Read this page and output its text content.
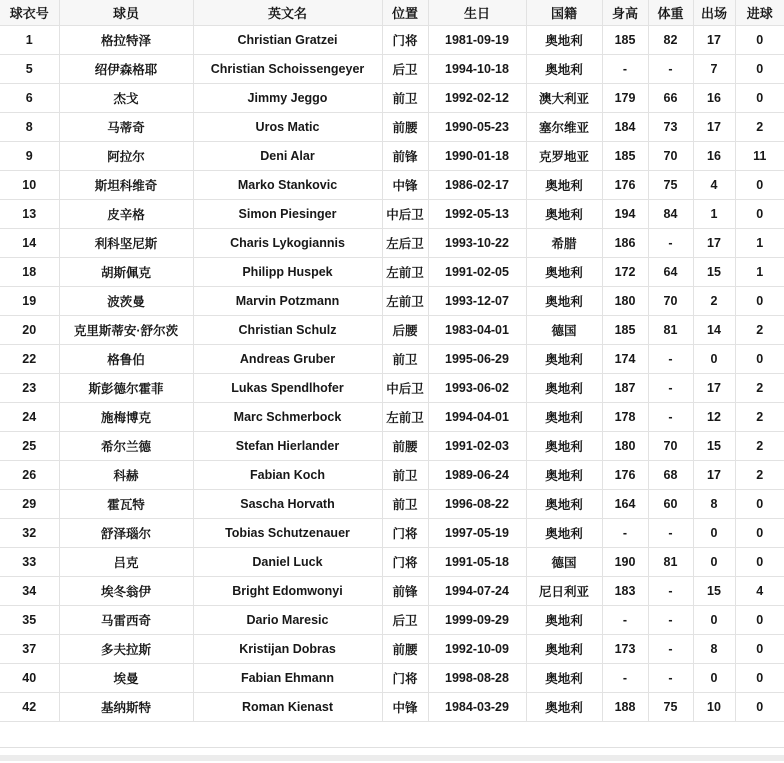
球衣号	球员	英文名	位置	生日	国籍	身高	体重	出场	进球
1	格拉特泽	Christian Gratzei	门将	1981-09-19	奥地利	185	82	17	0
5	绍伊森格耶	Christian Schoissengeyer	后卫	1994-10-18	奥地利	-	-	7	0
6	杰戈	Jimmy Jeggo	前卫	1992-02-12	澳大利亚	179	66	16	0
8	马蒂奇	Uros Matic	前腰	1990-05-23	塞尔维亚	184	73	17	2
9	阿拉尔	Deni Alar	前锋	1990-01-18	克罗地亚	185	70	16	11
10	斯坦科维奇	Marko Stankovic	中锋	1986-02-17	奥地利	176	75	4	0
13	皮辛格	Simon Piesinger	中后卫	1992-05-13	奥地利	194	84	1	0
14	利科坚尼斯	Charis Lykogiannis	左后卫	1993-10-22	希腊	186	-	17	1
18	胡斯佩克	Philipp Huspek	左前卫	1991-02-05	奥地利	172	64	15	1
19	波茨曼	Marvin Potzmann	左前卫	1993-12-07	奥地利	180	70	2	0
20	克里斯蒂安·舒尔茨	Christian Schulz	后腰	1983-04-01	德国	185	81	14	2
22	格鲁伯	Andreas Gruber	前卫	1995-06-29	奥地利	174	-	0	0
23	斯彭德尔霍菲	Lukas Spendlhofer	中后卫	1993-06-02	奥地利	187	-	17	2
24	施梅博克	Marc Schmerbock	左前卫	1994-04-01	奥地利	178	-	12	2
25	希尔兰德	Stefan Hierlander	前腰	1991-02-03	奥地利	180	70	15	2
26	科赫	Fabian Koch	前卫	1989-06-24	奥地利	176	68	17	2
29	霍瓦特	Sascha Horvath	前卫	1996-08-22	奥地利	164	60	8	0
32	舒泽瑙尔	Tobias Schutzenauer	门将	1997-05-19	奥地利	-	-	0	0
33	吕克	Daniel Luck	门将	1991-05-18	德国	190	81	0	0
34	埃冬翁伊	Bright Edomwonyi	前锋	1994-07-24	尼日利亚	183	-	15	4
35	马雷西奇	Dario Maresic	后卫	1999-09-29	奥地利	-	-	0	0
37	多夫拉斯	Kristijan Dobras	前腰	1992-10-09	奥地利	173	-	8	0
40	埃曼	Fabian Ehmann	门将	1998-08-28	奥地利	-	-	0	0
42	基纳斯特	Roman Kienast	中锋	1984-03-29	奥地利	188	75	10	0
